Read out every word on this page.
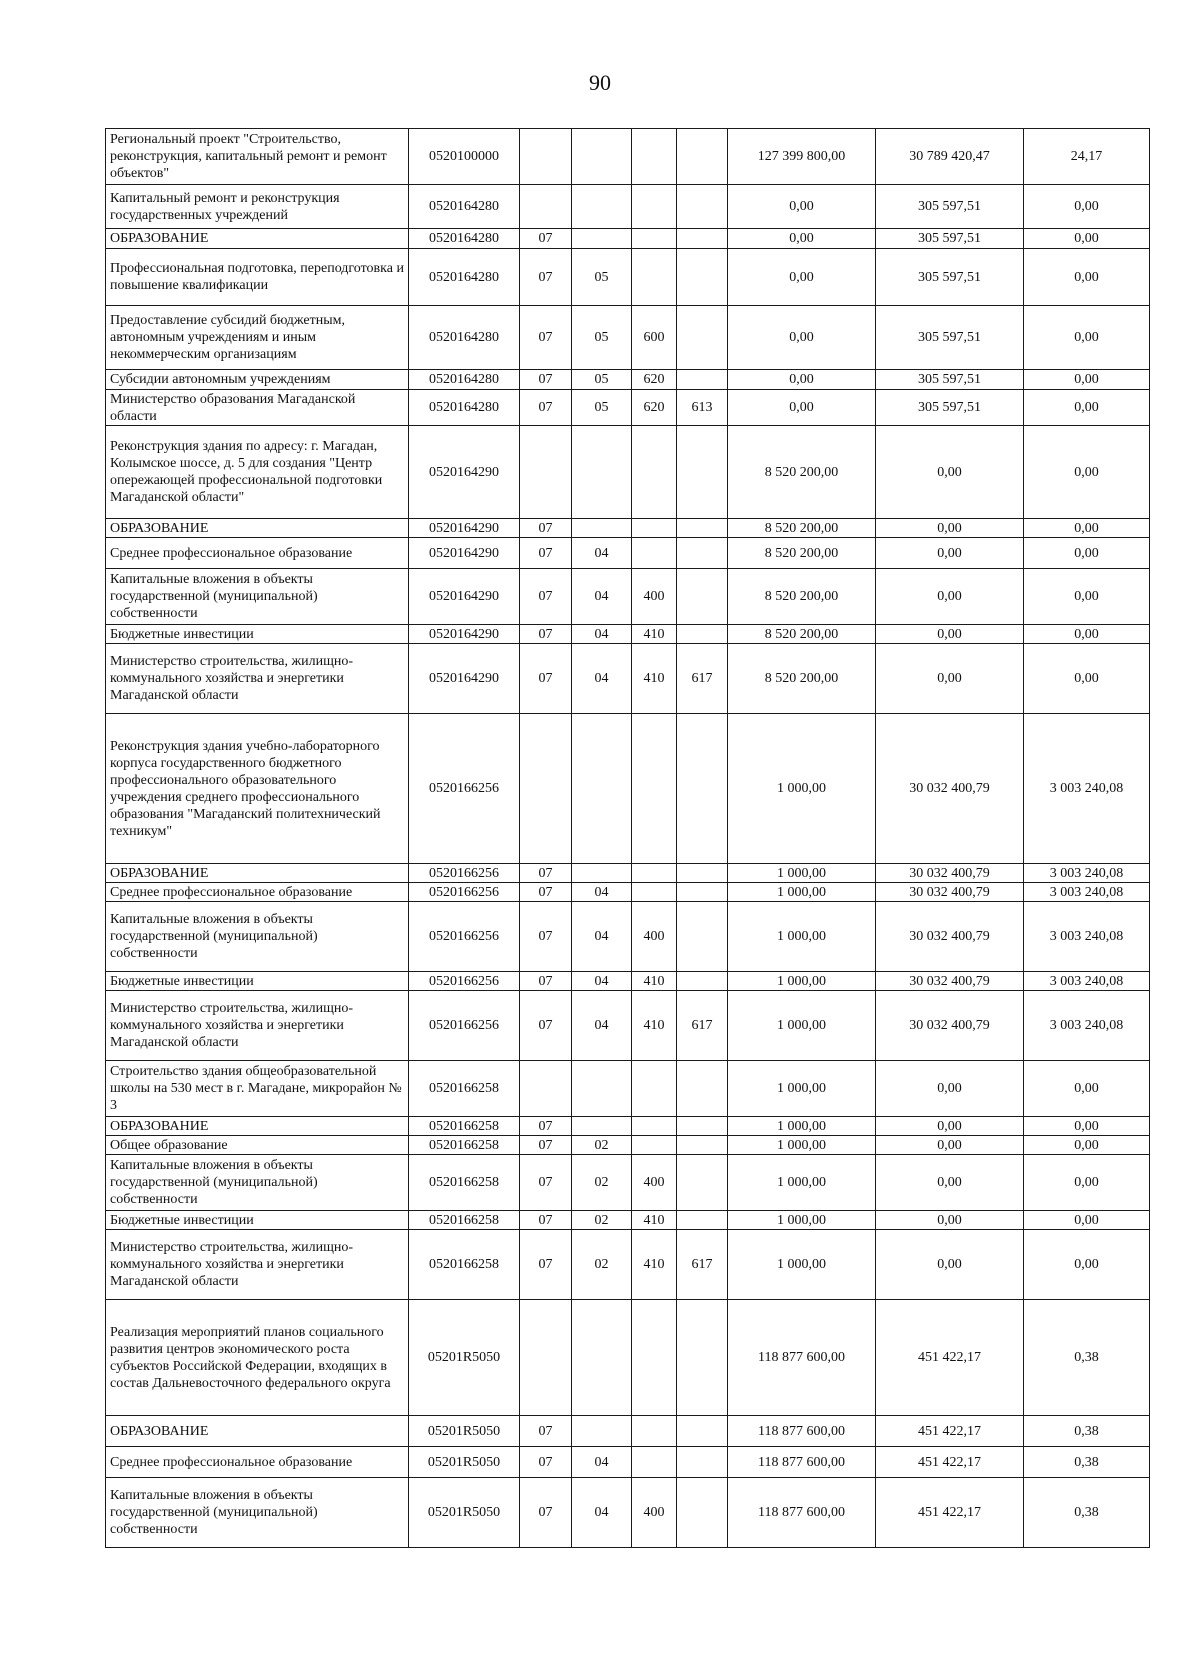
90
Региональный проект "Строительство, реконструкция, капитальный ремонт и ремонт объектов"	0520100000					127 399 800,00	30 789 420,47	24,17
Капитальный ремонт и реконструкция государственных учреждений	0520164280					0,00	305 597,51	0,00
ОБРАЗОВАНИЕ	0520164280	07				0,00	305 597,51	0,00
Профессиональная подготовка, переподготовка и повышение квалификации	0520164280	07	05			0,00	305 597,51	0,00
Предоставление субсидий бюджетным, автономным учреждениям и иным некоммерческим организациям	0520164280	07	05	600		0,00	305 597,51	0,00
Субсидии автономным учреждениям	0520164280	07	05	620		0,00	305 597,51	0,00
Министерство образования Магаданской области	0520164280	07	05	620	613	0,00	305 597,51	0,00
Реконструкция здания по адресу: г. Магадан, Колымское шоссе, д. 5 для создания "Центр опережающей профессиональной подготовки Магаданской области"	0520164290					8 520 200,00	0,00	0,00
ОБРАЗОВАНИЕ	0520164290	07				8 520 200,00	0,00	0,00
Среднее профессиональное образование	0520164290	07	04			8 520 200,00	0,00	0,00
Капитальные вложения в объекты государственной (муниципальной) собственности	0520164290	07	04	400		8 520 200,00	0,00	0,00
Бюджетные инвестиции	0520164290	07	04	410		8 520 200,00	0,00	0,00
Министерство строительства, жилищно-коммунального хозяйства и энергетики Магаданской области	0520164290	07	04	410	617	8 520 200,00	0,00	0,00
Реконструкция здания учебно-лабораторного корпуса государственного бюджетного профессионального образовательного учреждения среднего профессионального образования "Магаданский политехнический техникум"	0520166256					1 000,00	30 032 400,79	3 003 240,08
ОБРАЗОВАНИЕ	0520166256	07				1 000,00	30 032 400,79	3 003 240,08
Среднее профессиональное образование	0520166256	07	04			1 000,00	30 032 400,79	3 003 240,08
Капитальные вложения в объекты государственной (муниципальной) собственности	0520166256	07	04	400		1 000,00	30 032 400,79	3 003 240,08
Бюджетные инвестиции	0520166256	07	04	410		1 000,00	30 032 400,79	3 003 240,08
Министерство строительства, жилищно-коммунального хозяйства и энергетики Магаданской области	0520166256	07	04	410	617	1 000,00	30 032 400,79	3 003 240,08
Строительство здания общеобразовательной школы на 530 мест в г. Магадане, микрорайон № 3	0520166258					1 000,00	0,00	0,00
ОБРАЗОВАНИЕ	0520166258	07				1 000,00	0,00	0,00
Общее образование	0520166258	07	02			1 000,00	0,00	0,00
Капитальные вложения в объекты государственной (муниципальной) собственности	0520166258	07	02	400		1 000,00	0,00	0,00
Бюджетные инвестиции	0520166258	07	02	410		1 000,00	0,00	0,00
Министерство строительства, жилищно-коммунального хозяйства и энергетики Магаданской области	0520166258	07	02	410	617	1 000,00	0,00	0,00
Реализация мероприятий планов социального развития центров экономического роста субъектов Российской Федерации, входящих в состав Дальневосточного федерального округа	05201R5050					118 877 600,00	451 422,17	0,38
ОБРАЗОВАНИЕ	05201R5050	07				118 877 600,00	451 422,17	0,38
Среднее профессиональное образование	05201R5050	07	04			118 877 600,00	451 422,17	0,38
Капитальные вложения в объекты государственной (муниципальной) собственности	05201R5050	07	04	400		118 877 600,00	451 422,17	0,38
